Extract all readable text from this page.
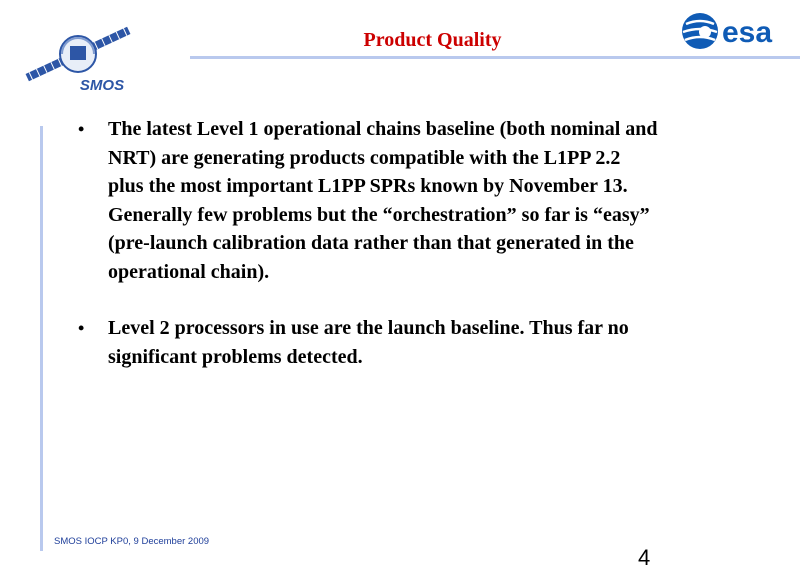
SMOS
Product Quality	esa
• The latest Level 1 operational chains baseline (both nominal and
NRT) are generating products compatible with the L1PP 2.2
plus the most important L1PP SPRs known by November 13.
Generally few problems but the “orchestration” so far is “easy”
(pre-launch calibration data rather than that generated in the
operational chain).
• Level 2 processors in use are the launch baseline. Thus far no
significant problems detected.
SMOS IOCP KP0, 9 December 2009
4
